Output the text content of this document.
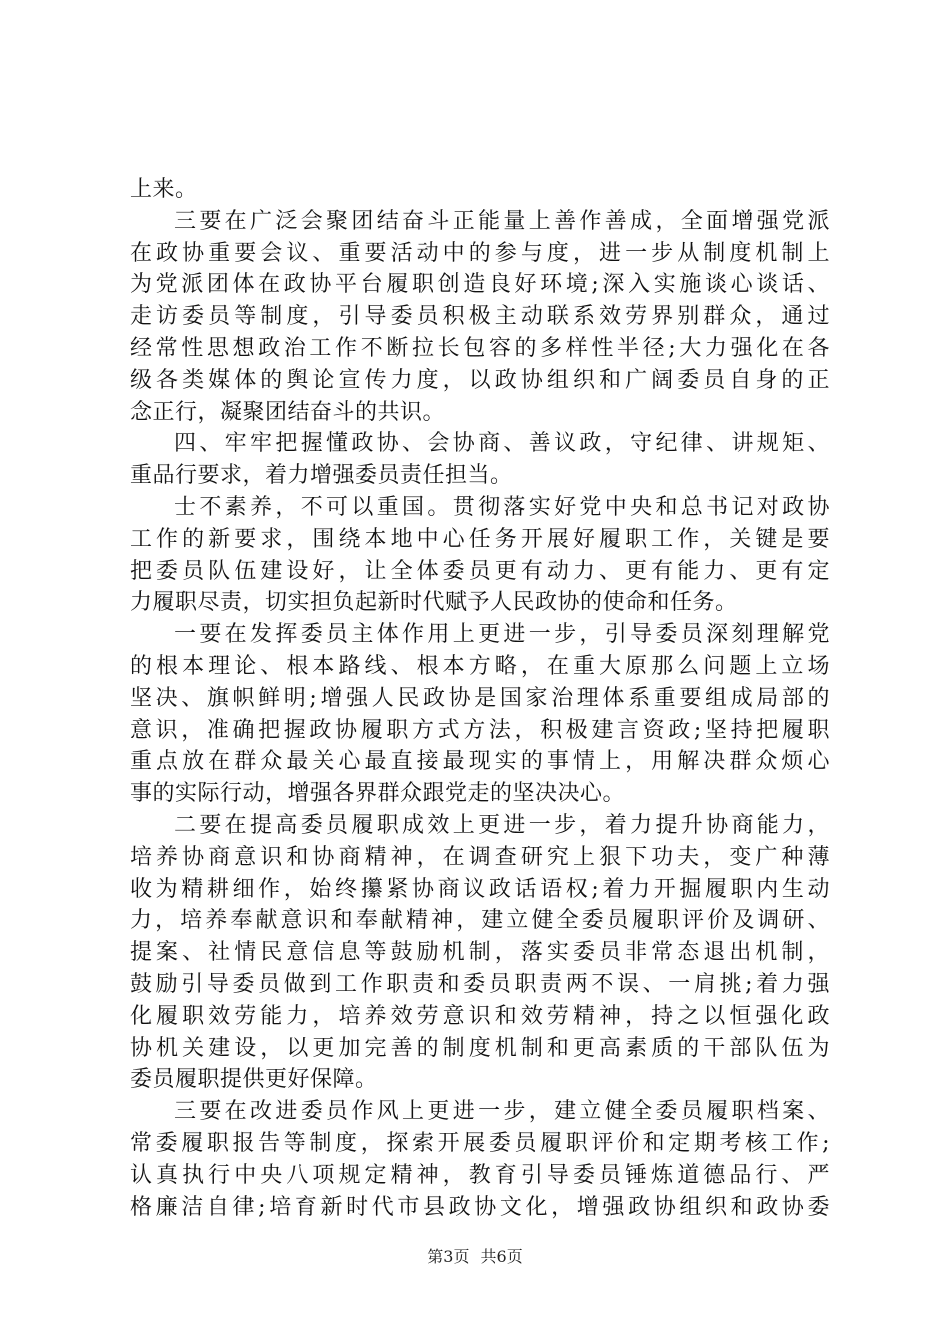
上来。
三要在广泛会聚团结奋斗正能量上善作善成，全面增强党派
在政协重要会议、重要活动中的参与度，进一步从制度机制上
为党派团体在政协平台履职创造良好环境;深入实施谈心谈话、
走访委员等制度，引导委员积极主动联系效劳界别群众，通过
经常性思想政治工作不断拉长包容的多样性半径;大力强化在各
级各类媒体的舆论宣传力度，以政协组织和广阔委员自身的正
念正行，凝聚团结奋斗的共识。
四、牢牢把握懂政协、会协商、善议政，守纪律、讲规矩、
重品行要求，着力增强委员责任担当。
士不素养，不可以重国。贯彻落实好党中央和总书记对政协
工作的新要求，围绕本地中心任务开展好履职工作，关键是要
把委员队伍建设好，让全体委员更有动力、更有能力、更有定
力履职尽责，切实担负起新时代赋予人民政协的使命和任务。
一要在发挥委员主体作用上更进一步，引导委员深刻理解党
的根本理论、根本路线、根本方略，在重大原那么问题上立场
坚决、旗帜鲜明;增强人民政协是国家治理体系重要组成局部的
意识，准确把握政协履职方式方法，积极建言资政;坚持把履职
重点放在群众最关心最直接最现实的事情上，用解决群众烦心
事的实际行动，增强各界群众跟党走的坚决决心。
二要在提高委员履职成效上更进一步，着力提升协商能力，
培养协商意识和协商精神，在调查研究上狠下功夫，变广种薄
收为精耕细作，始终攥紧协商议政话语权;着力开掘履职内生动
力，培养奉献意识和奉献精神，建立健全委员履职评价及调研、
提案、社情民意信息等鼓励机制，落实委员非常态退出机制，
鼓励引导委员做到工作职责和委员职责两不误、一肩挑;着力强
化履职效劳能力，培养效劳意识和效劳精神，持之以恒强化政
协机关建设，以更加完善的制度机制和更高素质的干部队伍为
委员履职提供更好保障。
三要在改进委员作风上更进一步，建立健全委员履职档案、
常委履职报告等制度，探索开展委员履职评价和定期考核工作;
认真执行中央八项规定精神，教育引导委员锤炼道德品行、严
格廉洁自律;培育新时代市县政协文化，增强政协组织和政协委
第3页 共6页
